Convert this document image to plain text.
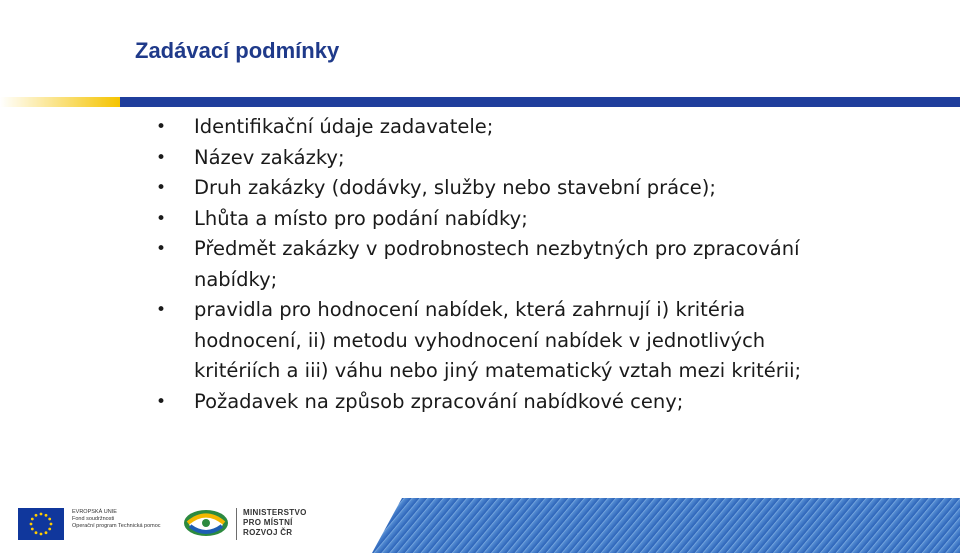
Zadávací podmínky
• Identifikační údaje zadavatele;
• Název zakázky;
• Druh zakázky (dodávky, služby nebo stavební práce);
• Lhůta a místo pro podání nabídky;
• Předmět zakázky v podrobnostech nezbytných pro zpracování nabídky;
• pravidla pro hodnocení nabídek, která zahrnují i) kritéria hodnocení, ii) metodu vyhodnocení nabídek v jednotlivých kritériích a iii) váhu nebo jiný matematický vztah mezi kritérii;
• Požadavek na způsob zpracování nabídkové ceny;
EVROPSKÁ UNIE
Fond soudržnosti
Operační program Technická pomoc
MINISTERSTVO
PRO MÍSTNÍ
ROZVOJ ČR
